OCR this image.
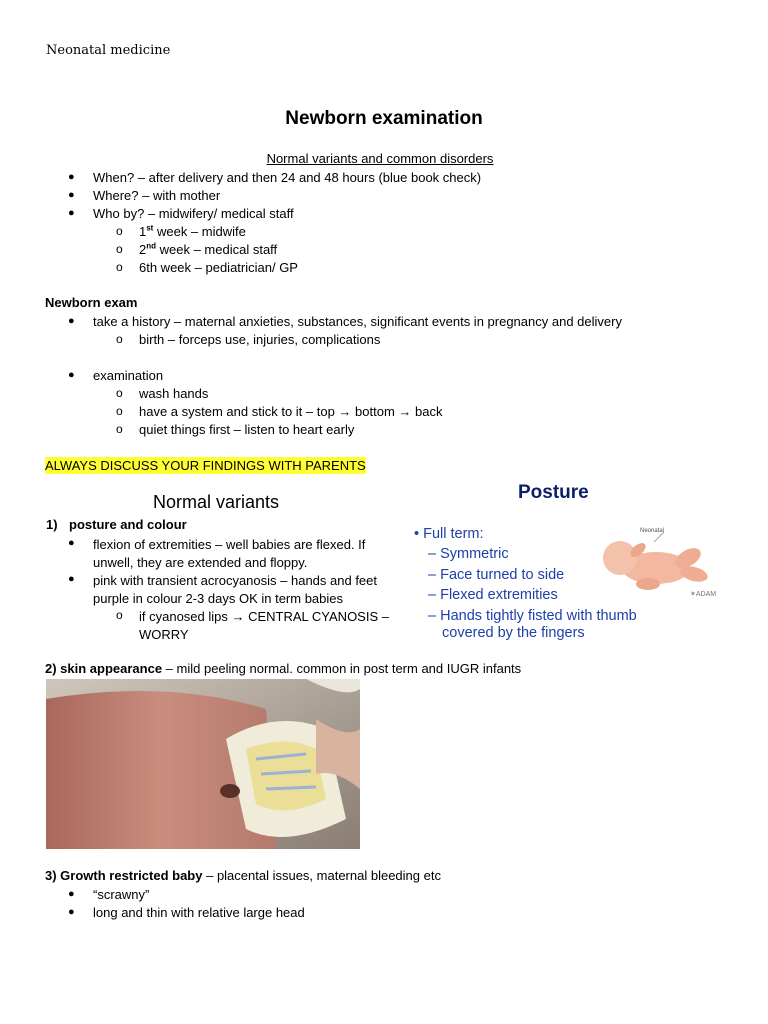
Neonatal medicine
Newborn examination
Normal variants and common disorders
● When? – after delivery and then 24 and 48 hours (blue book check)
● Where? – with mother
● Who by? – midwifery/ medical staff
o 1st week – midwife
o 2nd week – medical staff
o 6th week – pediatrician/ GP
Newborn exam
● take a history – maternal anxieties, substances, significant events in pregnancy and delivery
o birth – forceps use, injuries, complications
● examination
o wash hands
o have a system and stick to it – top → bottom → back
o quiet things first – listen to heart early
ALWAYS DISCUSS YOUR FINDINGS WITH PARENTS
Normal variants
1) posture and colour
● flexion of extremities – well babies are flexed. If unwell, they are extended and floppy.
● pink with transient acrocyanosis – hands and feet purple in colour 2-3 days OK in term babies
o if cyanosed lips → CENTRAL CYANOSIS – WORRY
Posture
• Full term:
– Symmetric
– Face turned to side
– Flexed extremities
– Hands tightly fisted with thumb
covered by the fingers
Neonatal
✶ADAM
2) skin appearance – mild peeling normal. common in post term and IUGR infants
3) Growth restricted baby – placental issues, maternal bleeding etc
● “scrawny”
● long and thin with relative large head
